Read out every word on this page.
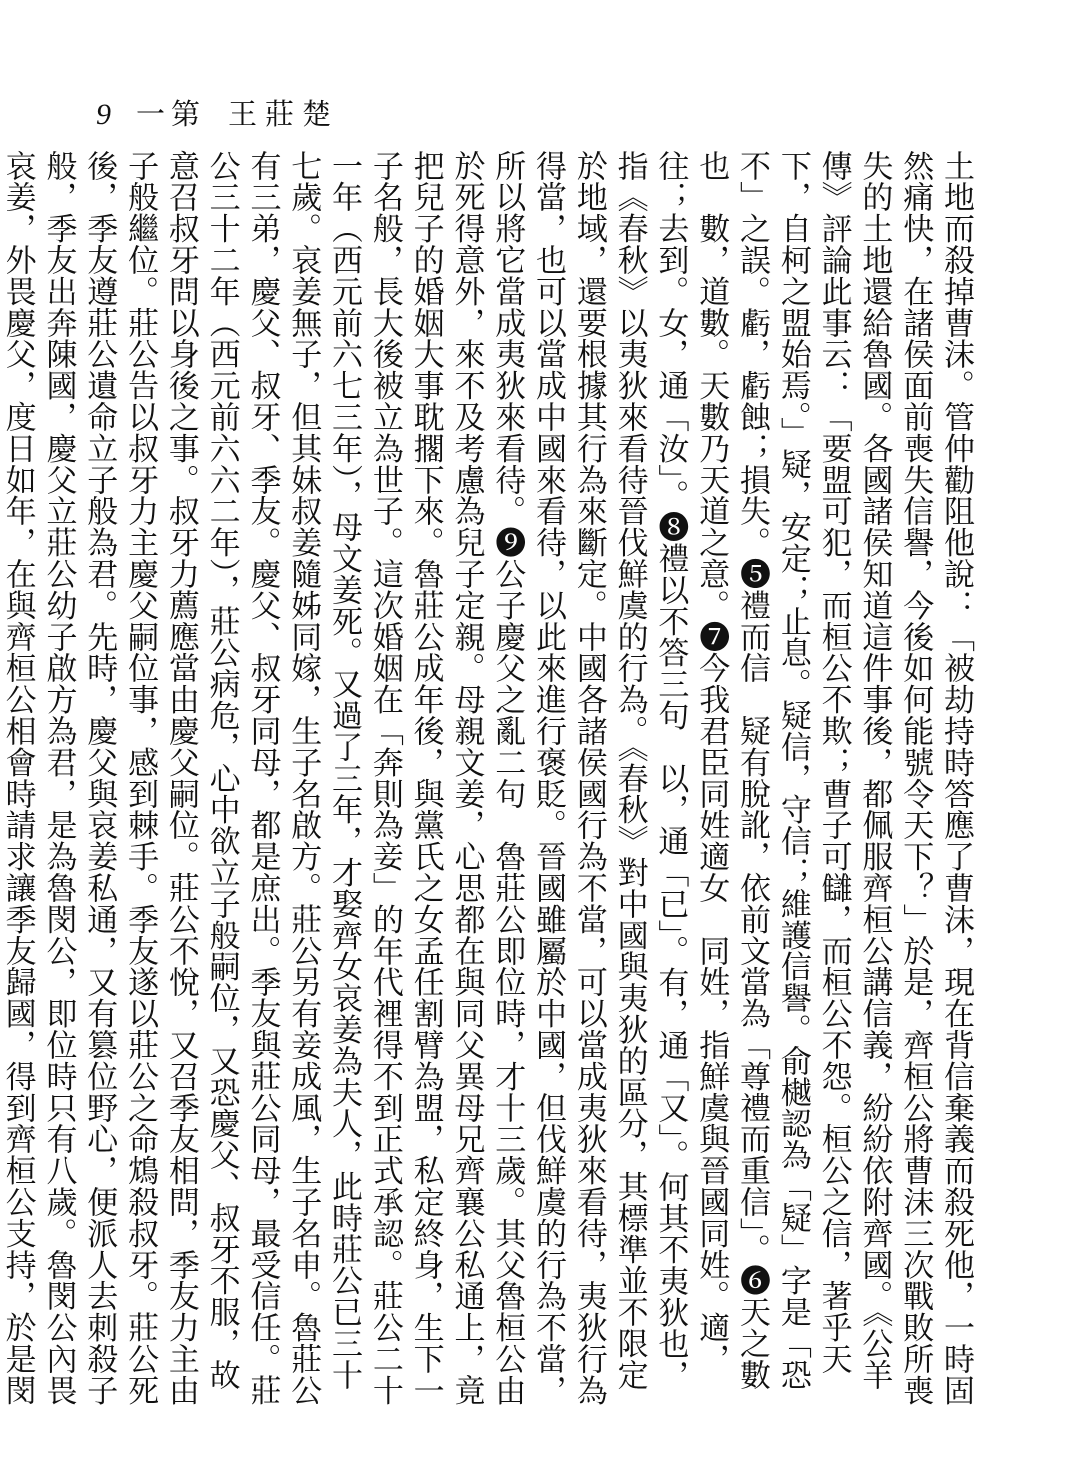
9 一第 王莊楚

土地而殺掉曹沫。管仲勸阻他說：「被劫持時答應了曹沫，現在背信棄義而殺死他，一時固然痛快，在諸侯面前喪失信譽，今後如何能號令天下？」於是，齊桓公將曹沫三次戰敗所喪失的土地還給魯國。各國諸侯知道這件事後，都佩服齊桓公講信義，紛紛依附齊國。《公羊傳》評論此事云：「要盟可犯，而桓公不欺；曹子可讎，而桓公不怨。桓公之信，著乎天下，自柯之盟始焉。」疑，安定；止息。疑信，守信；維護信譽。俞樾認為「疑」字是「恐不」之誤。虧，虧蝕；損失。❺禮而信　疑有脫訛，依前文當為「尊禮而重信」。❻天之數也　數，道數。天數乃天道之意。❼今我君臣同姓適女　同姓，指鮮虞與晉國同姓。適，往；去到。女，通「汝」。❽禮以不答三句　以，通「已」。有，通「又」。何其不夷狄也，指《春秋》以夷狄來看待晉伐鮮虞的行為。《春秋》對中國與夷狄的區分，其標準並不限定於地域，還要根據其行為來斷定。中國各諸侯國行為不當，可以當成夷狄來看待，夷狄行為得當，也可以當成中國來看待，以此來進行褒貶。晉國雖屬於中國，但伐鮮虞的行為不當，所以將它當成夷狄來看待。❾公子慶父之亂二句　魯莊公即位時，才十三歲。其父魯桓公由於死得意外，來不及考慮為兒子定親。母親文姜，心思都在與同父異母兄齊襄公私通上，竟把兒子的婚姻大事耽擱下來。魯莊公成年後，與黨氏之女孟任割臂為盟，私定終身，生下一子名般，長大後被立為世子。這次婚姻在「奔則為妾」的年代裡得不到正式承認。莊公二十一年（西元前六七三年），母文姜死。又過了三年，才娶齊女哀姜為夫人，此時莊公已三十七歲。哀姜無子，但其妹叔姜隨姊同嫁，生子名啟方。莊公另有妾成風，生子名申。魯莊公有三弟，慶父、叔牙、季友。慶父、叔牙同母，都是庶出。季友與莊公同母，最受信任。莊公三十二年（西元前六六二年），莊公病危，心中欲立子般嗣位，又恐慶父、叔牙不服，故意召叔牙問以身後之事。叔牙力薦應當由慶父嗣位。莊公不悅，又召季友相問，季友力主由子般繼位。莊公告以叔牙力主慶父嗣位事，感到棘手。季友遂以莊公之命鴆殺叔牙。莊公死後，季友遵莊公遺命立子般為君。先時，慶父與哀姜私通，又有篡位野心，便派人去刺殺子般，季友出奔陳國，慶父立莊公幼子啟方為君，是為魯閔公，即位時只有八歲。魯閔公內畏哀姜，外畏慶父，度日如年，在與齊桓公相會時請求讓季友歸國，得到齊桓公支持，於是閔
